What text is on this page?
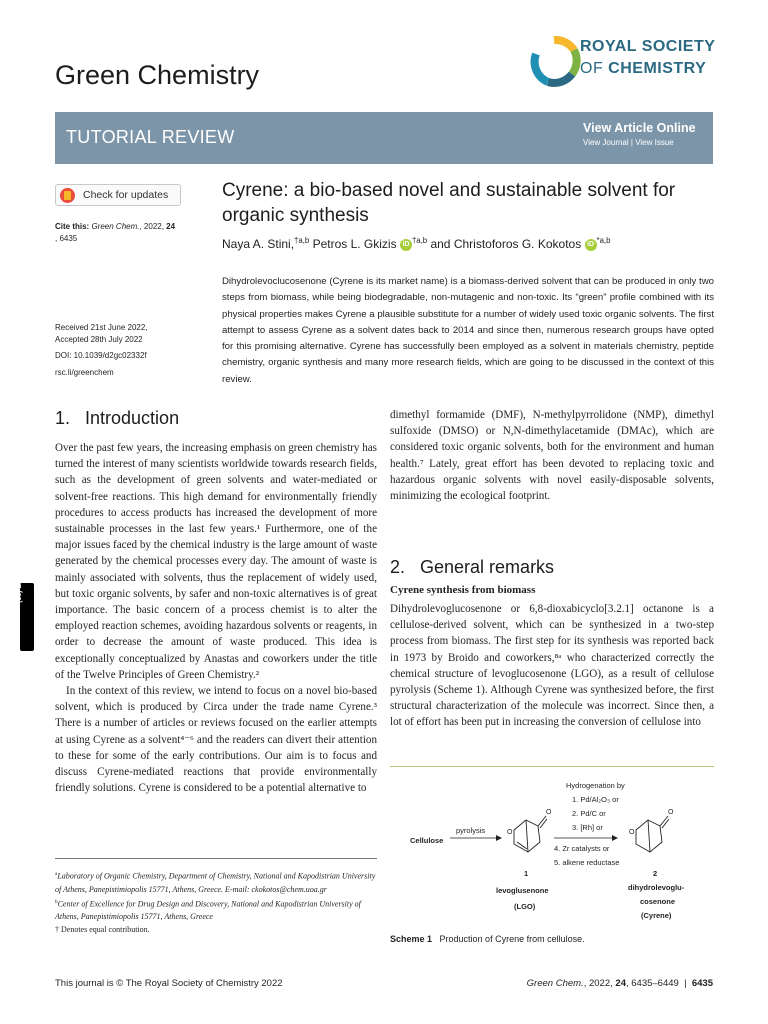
Green Chemistry
ROYAL SOCIETY
OF CHEMISTRY
TUTORIAL REVIEW	View Article Online
View Journal | View Issue
Check for updates
Cite this: Green Chem., 2022, 24
, 6435
Received 21st June 2022,
Accepted 28th July 2022
DOI: 10.1039/d2gc02332f
rsc.li/greenchem
Cyrene: a bio-based novel and sustainable solvent for organic synthesis
Naya A. Stini,$^{\dagger a,b}$ Petros L. Gkizis iD $^{\dagger a,b}$ and Christoforos G. Kokotos iD $^{*a,b}$
Dihydrolevoclucosenone (Cyrene is its market name) is a biomass-derived solvent that can be produced in only two steps from biomass, while being biodegradable, non-mutagenic and non-toxic. Its “green” profile combined with its physical properties makes Cyrene a plausible substitute for a number of widely used toxic organic solvents. The first attempt to assess Cyrene as a solvent dates back to 2014 and since then, numerous research groups have opted for this promising alternative. Cyrene has successfully been employed as a solvent in materials chemistry, peptide chemistry, organic synthesis and many more research fields, which are going to be discussed in the context of this review.
1.   Introduction

Over the past few years, the increasing emphasis on green chemistry has turned the interest of many scientists worldwide towards research fields, such as the development of green solvents and water-mediated or solvent-free reactions. This high demand for environmentally friendly procedures to access products has increased the development of more sustainable processes in the last few years.¹ Furthermore, one of the major issues faced by the chemical industry is the large amount of waste generated by the chemical processes every day. The amount of waste is mainly associated with solvents, thus the replacement of widely used, but toxic organic solvents, by safer and non-toxic alternatives is of great importance. The basic concern of a process chemist is to alter the employed reaction schemes, avoiding hazardous solvents or reagents, in order to decrease the amount of waste produced. This idea is exceptionally conceptualized by Anastas and coworkers under the title of the Twelve Principles of Green Chemistry.²

In the context of this review, we intend to focus on a novel bio-based solvent, which is produced by Circa under the trade name Cyrene.³ There is a number of articles or reviews focused on the earlier attempts at using Cyrene as a solvent⁴⁻⁶ and the readers can divert their attention to these for some of the early contributions. Our aim is to focus and discuss Cyrene-mediated reactions that provide environmentally friendly solutions. Cyrene is considered to be a potential alternative to

dimethyl formamide (DMF), N-methylpyrrolidone (NMP), dimethyl sulfoxide (DMSO) or N,N-dimethylacetamide (DMAc), which are considered toxic organic solvents, both for the environment and human health.⁷ Lately, great effort has been devoted to replacing toxic and hazardous organic solvents with novel easily-disposable solvents, minimizing the ecological footprint.
2.   General remarks
Cyrene synthesis from biomass
Dihydrolevoglucosenone or 6,8-dioxabicyclo[3.2.1] octanone is a cellulose-derived solvent, which can be synthesized in a two-step process from biomass. The first step for its synthesis was reported back in 1973 by Broido and coworkers,⁸ᵃ who characterized correctly the chemical structure of levoglucosenone (LGO), as a result of cellulose pyrolysis (Scheme 1). Although Cyrene was synthesized before, the first structural characterization of the molecule was incorrect. Since then, a lot of effort has been put in increasing the conversion of cellulose into
$^a$Laboratory of Organic Chemistry, Department of Chemistry, National and Kapodistrian University of Athens, Panepistimiopolis 15771, Athens, Greece. E-mail: ckokotos@chem.uoa.gr
$^b$Center of Excellence for Drug Design and Discovery, National and Kapodistrian University of Athens, Panepistimiopolis 15771, Athens, Greece
† Denotes equal contribution.
Hydrogenation by
1. Pd/Al₂O₃ or
2. Pd/C or
3. [Rh] or
4. Zr catalysts or
5. alkene reductase
pyrolysis
Cellulose
O
O
O
O
1	2
levoglusenone
(LGO)
dihydrolevoglu-
cosenone
(Cyrene)
Scheme 1   Production of Cyrene from cellulose.
(cc) BY-NC
This journal is © The Royal Society of Chemistry 2022	Green Chem., 2022, 24, 6435–6449  |  6435
